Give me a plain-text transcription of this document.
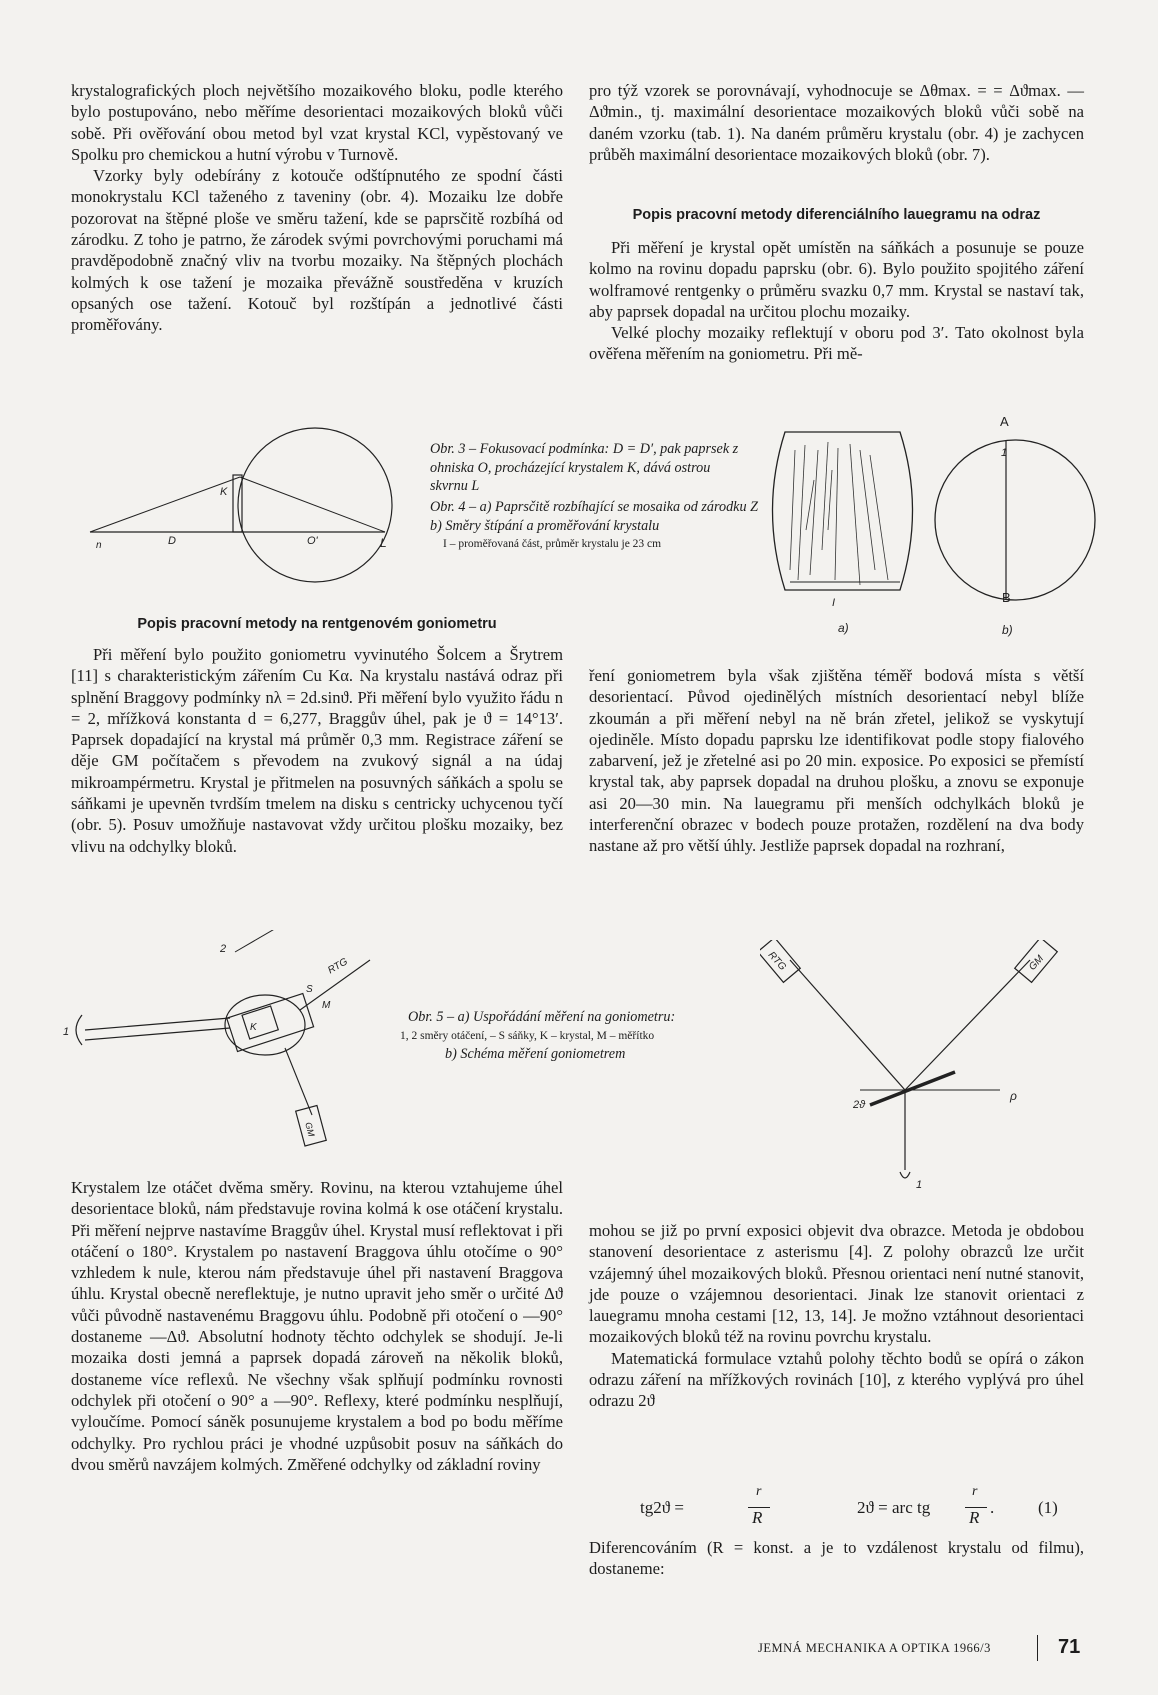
krystalografických ploch největšího mozaikového bloku, podle kterého bylo postupováno, nebo měříme desorientaci mozaikových bloků vůči sobě. Při ověřování obou metod byl vzat krystal KCl, vypěstovaný ve Spolku pro chemickou a hutní výrobu v Turnově.

Vzorky byly odebírány z kotouče odštípnutého ze spodní části monokrystalu KCl taženého z taveniny (obr. 4). Mozaiku lze dobře pozorovat na štěpné ploše ve směru tažení, kde se paprsčitě rozbíhá od zárodku. Z toho je patrno, že zárodek svými povrchovými poruchami má pravděpodobně značný vliv na tvorbu mozaiky. Na štěpných plochách kolmých k ose tažení je mozaika převážně soustředěna v kruzích opsaných ose tažení. Kotouč byl rozštípán a jednotlivé části proměřovány.

pro týž vzorek se porovnávají, vyhodnocuje se Δθmax. = = Δϑmax. — Δϑmin., tj. maximální desorientace mozaikových bloků vůči sobě na daném vzorku (tab. 1). Na daném průměru krystalu (obr. 4) je zachycen průběh maximální desorientace mozaikových bloků (obr. 7).

Popis pracovní metody diferenciálního lauegramu na odraz

Při měření je krystal opět umístěn na sáňkách a posunuje se pouze kolmo na rovinu dopadu paprsku (obr. 6). Bylo použito spojitého záření wolframové rentgenky o průměru svazku 0,7 mm. Krystal se nastaví tak, aby paprsek dopadal na určitou plochu mozaiky.

Velké plochy mozaiky reflektují v oboru pod 3′. Tato okolnost byla ověřena měřením na goniometru. Při mě-

n	D
K
O'	L
Obr. 3 – Fokusovací podmínka: D = D′, pak paprsek z ohniska O, procházející krystalem K, dává ostrou skvrnu L
Obr. 4 – a) Paprsčitě rozbíhající se mosaika od zárodku Z
b) Směry štípání a proměřování krystalu
I – proměřovaná část, průměr krystalu je 23 cm
a)
I
A
1
B
b)
Popis pracovní metody na rentgenovém goniometru

Při měření bylo použito goniometru vyvinutého Šolcem a Šrytrem [11] s charakteristickým zářením Cu Kα. Na krystalu nastává odraz při splnění Braggovy podmínky nλ = 2d.sinϑ. Při měření bylo využito řádu n = 2, mřížková konstanta d = 6,277, Braggův úhel, pak je ϑ = 14°13′. Paprsek dopadající na krystal má průměr 0,3 mm. Registrace záření se děje GM počítačem s převodem na zvukový signál a na údaj mikroampérmetru. Krystal je přitmelen na posuvných sáňkách a spolu se sáňkami je upevněn tvrdším tmelem na disku s centricky uchycenou tyčí (obr. 5). Posuv umožňuje nastavovat vždy určitou plošku mozaiky, bez vlivu na odchylky bloků.

ření goniometrem byla však zjištěna téměř bodová místa s větší desorientací. Původ ojedinělých místních desorientací nebyl blíže zkoumán a při měření nebyl na ně brán zřetel, jelikož se vyskytují ojediněle. Místo dopadu paprsku lze identifikovat podle stopy fialového zabarvení, jež je zřetelné asi po 20 min. exposice. Po exposici se přemístí krystal tak, aby paprsek dopadal na druhou plošku, a znovu se exponuje asi 20—30 min. Na lauegramu při menších odchylkách bloků je interferenční obrazec v bodech pouze protažen, rozdělení na dva body nastane až pro větší úhly. Jestliže paprsek dopadal na rozhraní,

1	K
2
RTG
S
M
GM
Obr. 5 – a) Uspořádání měření na goniometru:
1, 2 směry otáčení, – S sáňky, K – krystal, M – měřítko
b) Schéma měření goniometrem
RTG	GM
1
2ϑ
ρ

Krystalem lze otáčet dvěma směry. Rovinu, na kterou vztahujeme úhel desorientace bloků, nám představuje rovina kolmá k ose otáčení krystalu. Při měření nejprve nastavíme Braggův úhel. Krystal musí reflektovat i při otáčení o 180°. Krystalem po nastavení Braggova úhlu otočíme o 90° vzhledem k nule, kterou nám představuje úhel při nastavení Braggova úhlu. Krystal obecně nereflektuje, je nutno upravit jeho směr o určité Δϑ vůči původně nastavenému Braggovu úhlu. Podobně při otočení o —90° dostaneme —Δϑ. Absolutní hodnoty těchto odchylek se shodují. Je-li mozaika dosti jemná a paprsek dopadá zároveň na několik bloků, dostaneme více reflexů. Ne všechny však splňují podmínku rovnosti odchylek při otočení o 90° a —90°. Reflexy, které podmínku nesplňují, vyloučíme. Pomocí sáněk posunujeme krystalem a bod po bodu měříme odchylky. Pro rychlou práci je vhodné uzpůsobit posuv na sáňkách do dvou směrů navzájem kolmých. Změřené odchylky od základní roviny

mohou se již po první exposici objevit dva obrazce. Metoda je obdobou stanovení desorientace z asterismu [4]. Z polohy obrazců lze určit vzájemný úhel mozaikových bloků. Přesnou orientaci není nutné stanovit, jde pouze o vzájemnou desorientaci. Jinak lze stanovit orientaci z lauegramu mnoha cestami [12, 13, 14]. Je možno vztáhnout desorientaci mozaikových bloků též na rovinu povrchu krystalu.

Matematická formulace vztahů polohy těchto bodů se opírá o zákon odrazu záření na mřížkových rovinách [10], z kterého vyplývá pro úhel odrazu 2ϑ

tg2ϑ =
r
R
2ϑ = arc tg
r
R
.	(1)

Diferencováním (R = konst. a je to vzdálenost krystalu od filmu), dostaneme:

JEMNÁ MECHANIKA A OPTIKA 1966/3	71
